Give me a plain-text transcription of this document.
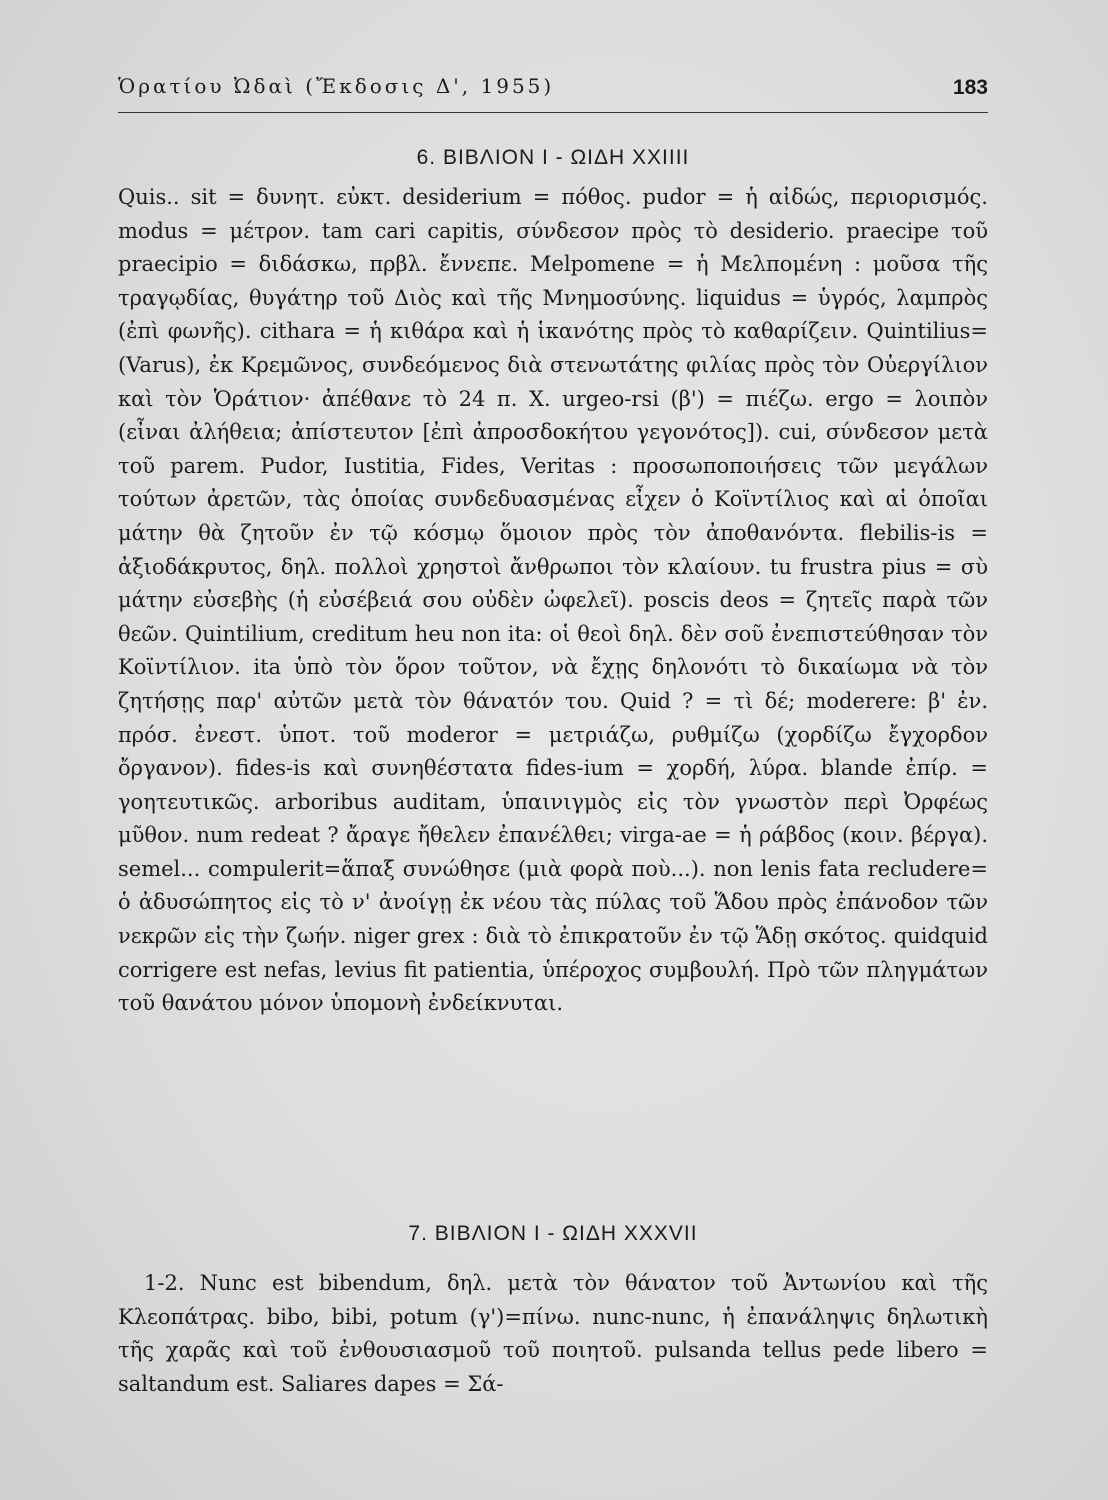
Ὁρατίου Ὠδαὶ (Ἔκδοσις Δ', 1955)	183
6. ΒΙΒΛΙΟΝ Ι - ΩΙΔΗ XXIIII

Quis.. sit = δυνητ. εὐκτ. desiderium = πόθος. pudor = ἡ αἰδώς, περιορισμός. modus = μέτρον. tam cari capitis, σύνδεσον πρὸς τὸ desiderio. praecipe τοῦ praecipio = διδάσκω, πρβλ. ἔννεπε. Melpomene = ἡ Μελπομένη : μοῦσα τῆς τραγῳδίας, θυγάτηρ τοῦ Διὸς καὶ τῆς Μνημοσύνης. liquidus = ὑγρός, λαμπρὸς (ἐπὶ φωνῆς). cithara = ἡ κιθάρα καὶ ἡ ἱκανότης πρὸς τὸ καθαρίζειν. Quintilius= (Varus), ἐκ Κρεμῶνος, συνδεόμενος διὰ στενωτάτης φιλίας πρὸς τὸν Οὐεργίλιον καὶ τὸν Ὁράτιον· ἀπέθανε τὸ 24 π. Χ. urgeo-rsi (β') = πιέζω. ergo = λοιπὸν (εἶναι ἀλήθεια; ἀπίστευτον [ἐπὶ ἀπροσδοκήτου γεγονότος]). cui, σύνδεσον μετὰ τοῦ parem. Pudor, Iustitia, Fides, Veritas : προσωποποιήσεις τῶν μεγάλων τούτων ἀρετῶν, τὰς ὁποίας συνδεδυασμένας εἶχεν ὁ Κοϊντίλιος καὶ αἱ ὁποῖαι μάτην θὰ ζητοῦν ἐν τῷ κόσμῳ ὅμοιον πρὸς τὸν ἀποθανόντα. flebilis-is = ἀξιοδάκρυτος, δηλ. πολλοὶ χρηστοὶ ἄνθρωποι τὸν κλαίουν. tu frustra pius = σὺ μάτην εὐσεβὴς (ἡ εὐσέβειά σου οὐδὲν ὠφελεῖ). poscis deos = ζητεῖς παρὰ τῶν θεῶν. Quintilium, creditum heu non ita: οἱ θεοὶ δηλ. δὲν σοῦ ἐνεπιστεύθησαν τὸν Κοϊντίλιον. ita ὑπὸ τὸν ὅρον τοῦτον, νὰ ἔχῃς δηλονότι τὸ δικαίωμα νὰ τὸν ζητήσῃς παρ' αὐτῶν μετὰ τὸν θάνατόν του. Quid ? = τὶ δέ; moderere: β' ἐν. πρόσ. ἐνεστ. ὑποτ. τοῦ moderor = μετριάζω, ρυθμίζω (χορδίζω ἔγχορδον ὄργανον). fides-is καὶ συνηθέστατα fides-ium = χορδή, λύρα. blande ἐπίρ. = γοητευτικῶς. arboribus auditam, ὑπαινιγμὸς εἰς τὸν γνωστὸν περὶ Ὀρφέως μῦθον. num redeat ? ἄραγε ἤθελεν ἐπανέλθει; virga-ae = ἡ ράβδος (κοιν. βέργα). semel... compulerit=ἅπαξ συνώθησε (μιὰ φορὰ ποὺ...). non lenis fata recludere= ὁ ἀδυσώπητος εἰς τὸ ν' ἀνοίγῃ ἐκ νέου τὰς πύλας τοῦ Ἅδου πρὸς ἐπάνοδον τῶν νεκρῶν εἰς τὴν ζωήν. niger grex : διὰ τὸ ἐπικρατοῦν ἐν τῷ Ἅδῃ σκότος. quidquid corrigere est nefas, levius fit patientia, ὑπέροχος συμβουλή. Πρὸ τῶν πληγμάτων τοῦ θανάτου μόνον ὑπομονὴ ἐνδείκνυται.

7. ΒΙΒΛΙΟΝ Ι - ΩΙΔΗ XXXVII

1-2. Nunc est bibendum, δηλ. μετὰ τὸν θάνατον τοῦ Ἀντωνίου καὶ τῆς Κλεοπάτρας. bibo, bibi, potum (γ')=πίνω. nunc-nunc, ἡ ἐπανάληψις δηλωτικὴ τῆς χαρᾶς καὶ τοῦ ἐνθουσιασμοῦ τοῦ ποιητοῦ. pulsanda tellus pede libero = saltandum est. Saliares dapes = Σά-
